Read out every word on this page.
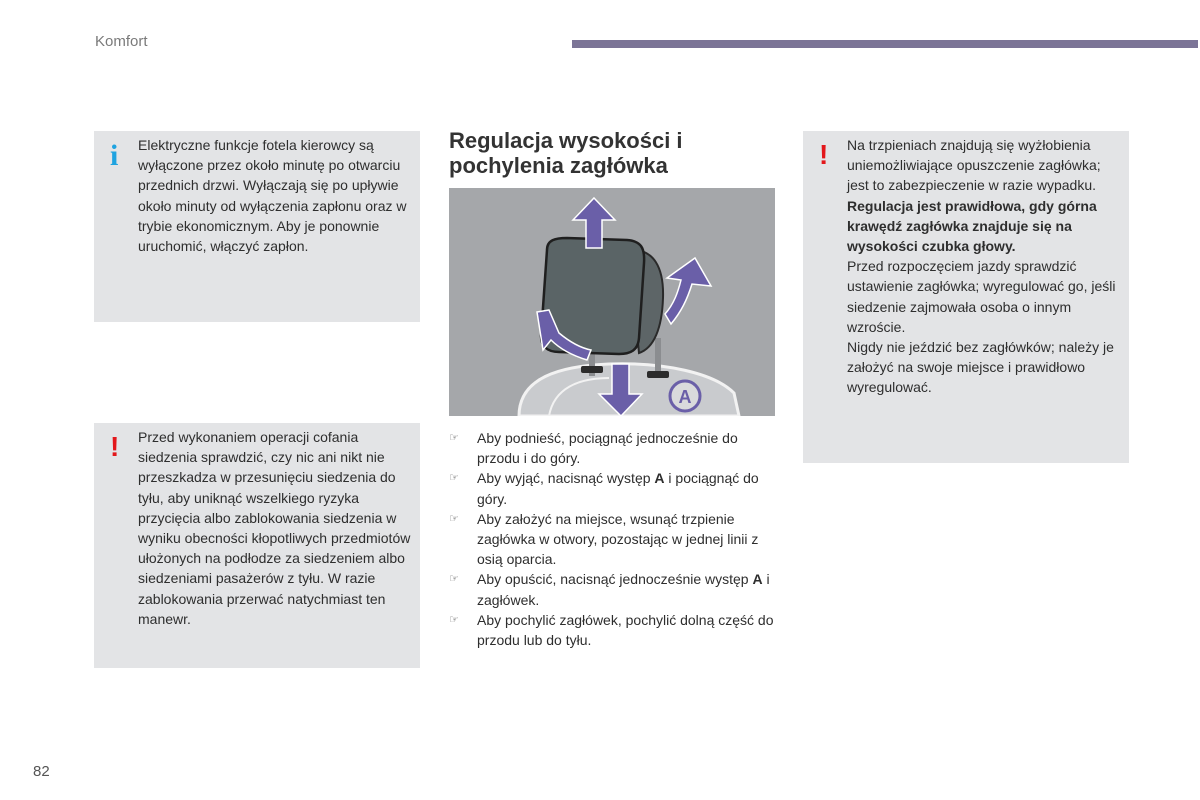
Komfort
i Elektryczne funkcje fotela kierowcy są wyłączone przez około minutę po otwarciu przednich drzwi. Wyłączają się po upływie około minuty od wyłączenia zapłonu oraz w trybie ekonomicznym. Aby je ponownie uruchomić, włączyć zapłon.
! Przed wykonaniem operacji cofania siedzenia sprawdzić, czy nic ani nikt nie przeszkadza w przesunięciu siedzenia do tyłu, aby uniknąć wszelkiego ryzyka przycięcia albo zablokowania siedzenia w wyniku obecności kłopotliwych przedmiotów ułożonych na podłodze za siedzeniem albo siedzeniami pasażerów z tyłu. W razie zablokowania przerwać natychmiast ten manewr.
Regulacja wysokości i pochylenia zagłówka
A
☞ Aby podnieść, pociągnąć jednocześnie do przodu i do góry.
☞ Aby wyjąć, nacisnąć występ A i pociągnąć do góry.
☞ Aby założyć na miejsce, wsunąć trzpienie zagłówka w otwory, pozostając w jednej linii z osią oparcia.
☞ Aby opuścić, nacisnąć jednocześnie występ A i zagłówek.
☞ Aby pochylić zagłówek, pochylić dolną część do przodu lub do tyłu.
! Na trzpieniach znajdują się wyżłobienia uniemożliwiające opuszczenie zagłówka; jest to zabezpieczenie w razie wypadku.
Regulacja jest prawidłowa, gdy górna krawędź zagłówka znajduje się na wysokości czubka głowy.
Przed rozpoczęciem jazdy sprawdzić ustawienie zagłówka; wyregulować go, jeśli siedzenie zajmowała osoba o innym wzroście.
Nigdy nie jeździć bez zagłówków; należy je założyć na swoje miejsce i prawidłowo wyregulować.
82
